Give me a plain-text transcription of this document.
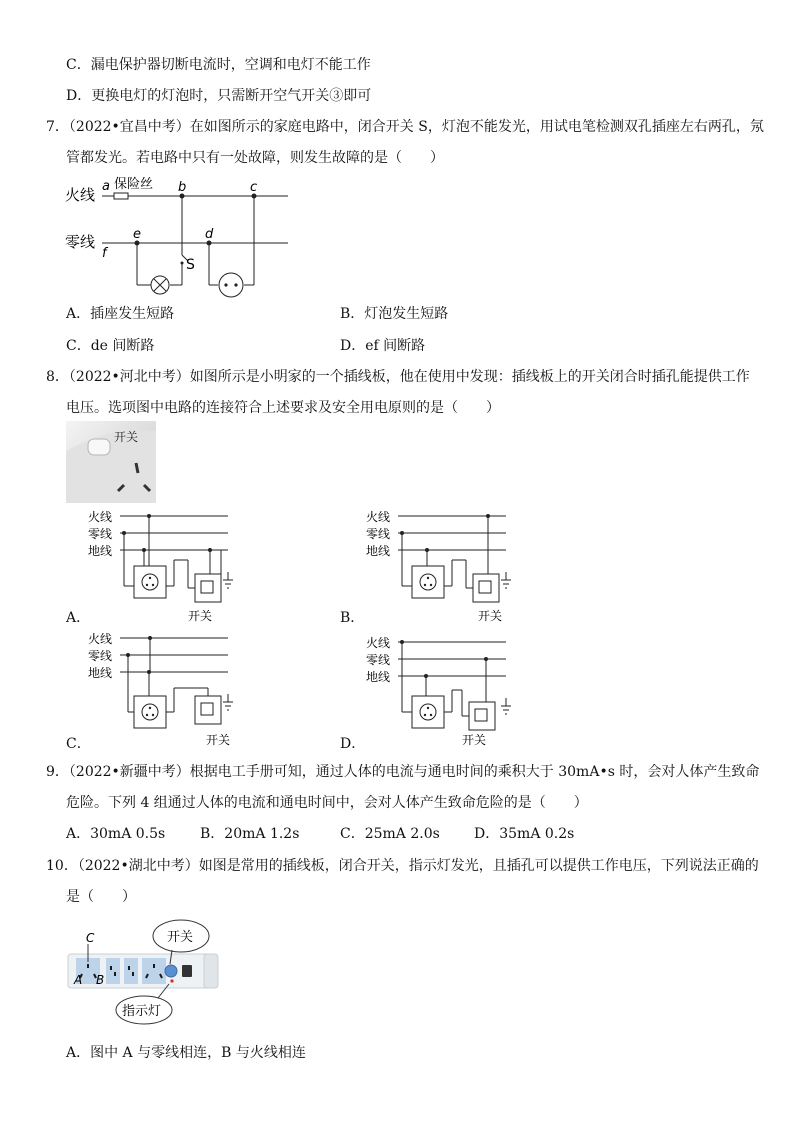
C．漏电保护器切断电流时，空调和电灯不能工作
D．更换电灯的灯泡时，只需断开空气开关③即可
7．（2022•宜昌中考）在如图所示的家庭电路中，闭合开关 S，灯泡不能发光，用试电笔检测双孔插座左右两孔，氖
管都发光。若电路中只有一处故障，则发生故障的是（　　）
火线
零线
保险丝
a	b	c
d
e
f
S
A．插座发生短路	B．灯泡发生短路
C．de 间断路	D．ef 间断路
8．（2022•河北中考）如图所示是小明家的一个插线板，他在使用中发现：插线板上的开关闭合时插孔能提供工作
电压。选项图中电路的连接符合上述要求及安全用电原则的是（　　）
开关
火线
零线
地线
开关
A．
火线
零线
地线
开关
B．
火线
零线
地线
开关
C．
火线
零线
地线
开关
D．
9．（2022•新疆中考）根据电工手册可知，通过人体的电流与通电时间的乘积大于 30mA•s 时，会对人体产生致命
危险。下列 4 组通过人体的电流和通电时间中，会对人体产生致命危险的是（　　）
A．30mA 0.5s B．20mA 1.2s	C．25mA 2.0s D．35mA 0.2s
10．（2022•湖北中考）如图是常用的插线板，闭合开关，指示灯发光，且插孔可以提供工作电压，下列说法正确的
是（　　）
开关
指示灯
C
A B
A．图中 A 与零线相连，B 与火线相连
